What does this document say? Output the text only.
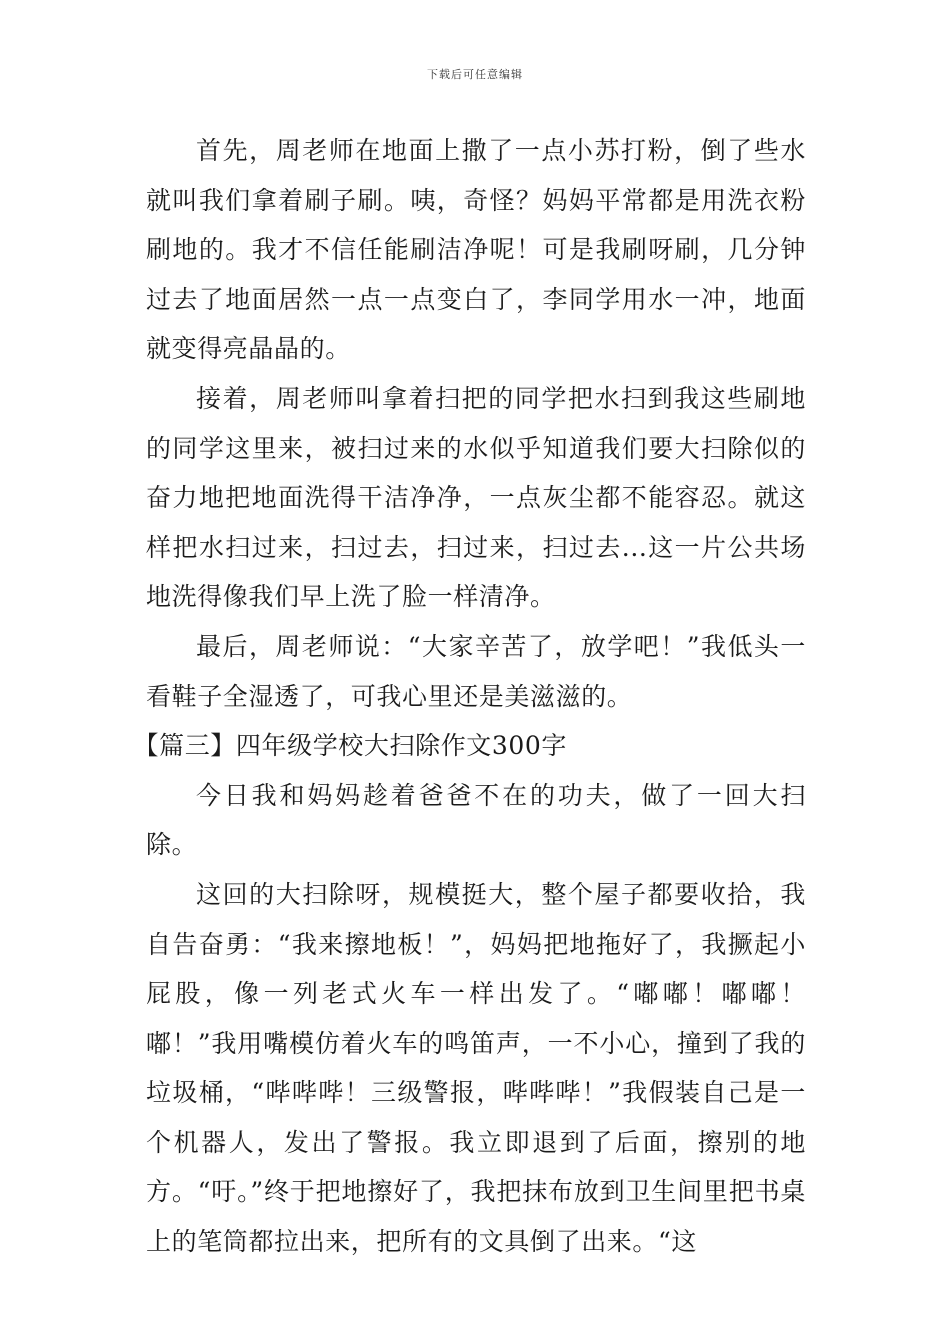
下载后可任意编辑

首先，周老师在地面上撒了一点小苏打粉，倒了些水就叫我们拿着刷子刷。咦，奇怪？妈妈平常都是用洗衣粉刷地的。我才不信任能刷洁净呢！可是我刷呀刷，几分钟过去了地面居然一点一点变白了，李同学用水一冲，地面就变得亮晶晶的。

接着，周老师叫拿着扫把的同学把水扫到我这些刷地的同学这里来，被扫过来的水似乎知道我们要大扫除似的奋力地把地面洗得干洁净净，一点灰尘都不能容忍。就这样把水扫过来，扫过去，扫过来，扫过去...这一片公共场地洗得像我们早上洗了脸一样清净。

最后，周老师说：“大家辛苦了，放学吧！”我低头一看鞋子全湿透了，可我心里还是美滋滋的。

【篇三】四年级学校大扫除作文300字

今日我和妈妈趁着爸爸不在的功夫，做了一回大扫除。

这回的大扫除呀，规模挺大，整个屋子都要收拾，我自告奋勇：“我来擦地板！”，妈妈把地拖好了，我撅起小屁股，像一列老式火车一样出发了。“嘟嘟！嘟嘟！嘟！”我用嘴模仿着火车的鸣笛声，一不小心，撞到了我的垃圾桶，“哔哔哔！三级警报，哔哔哔！”我假装自己是一个机器人，发出了警报。我立即退到了后面，擦别的地方。“吁。”终于把地擦好了，我把抹布放到卫生间里把书桌上的笔筒都拉出来，把所有的文具倒了出来。“这
